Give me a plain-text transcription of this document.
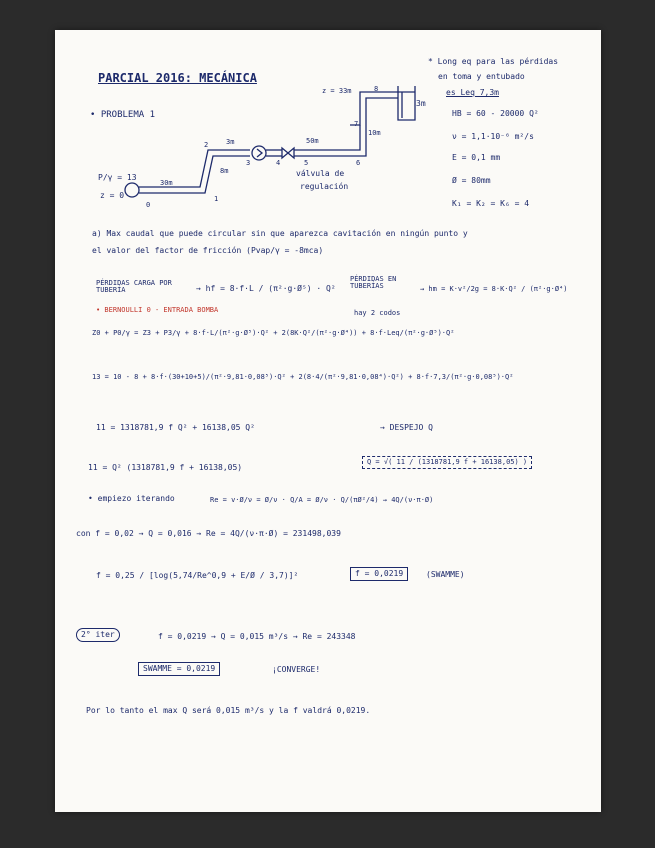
PARCIAL 2016: MECÁNICA
• PROBLEMA 1
* Long eq para las pérdidas
en toma y entubado
es Leq 7,3m
HB = 60 - 20000 Q²
ν = 1,1·10⁻⁶ m²/s
E = 0,1 mm
Ø = 80mm
K₁ = K₂ = K₆ = 4
z = 33m	8
3m
7
50m
10m
6
5
4
3
2	3m
8m	válvula de
regulación
1
30m
0
P/γ = 13
z = 0
a) Max caudal que puede circular sin que aparezca cavitación en ningún punto y
el valor del factor de fricción (Pvap/γ = -8mca)
PÉRDIDAS CARGA POR TUBERÍA	→ hf = 8·f·L / (π²·g·Ø⁵) · Q²
PÉRDIDAS EN TUBERÍAS	→ hm = K·v²/2g = 8·K·Q² / (π²·g·Ø⁴)
• BERNOULLI 0 - ENTRADA BOMBA	hay 2 codos
Z0 + P0/γ = Z3 + P3/γ + 8·f·L/(π²·g·Ø⁵)·Q² + 2(8K·Q²/(π²·g·Ø⁴)) + 8·f·Leq/(π²·g·Ø⁵)·Q²
13 = 10 - 8 + 8·f·(30+10+5)/(π²·9,81·0,08⁵)·Q² + 2(8·4/(π²·9,81·0,08⁴)·Q²) + 8·f·7,3/(π²·g·0,08⁵)·Q²
11 = 1318781,9 f Q² + 16138,05 Q²	→ DESPEJO Q
11 = Q² (1318781,9 f + 16138,05)
Q = √( 11 / (1318781,9 f + 16138,05) )
• empiezo iterando	Re = v·Ø/ν = Ø/ν · Q/A = Ø/ν · Q/(πØ²/4) → 4Q/(ν·π·Ø)
con f = 0,02 → Q = 0,016 → Re = 4Q/(ν·π·Ø) = 231498,039
f = 0,25 / [log(5,74/Re^0,9 + E/Ø / 3,7)]²	f = 0,0219	(SWAMME)
2° iter	f = 0,0219 → Q = 0,015 m³/s → Re = 243348
SWAMME = 0,0219	¡CONVERGE!
Por lo tanto el max Q será 0,015 m³/s y la f valdrá 0,0219.
